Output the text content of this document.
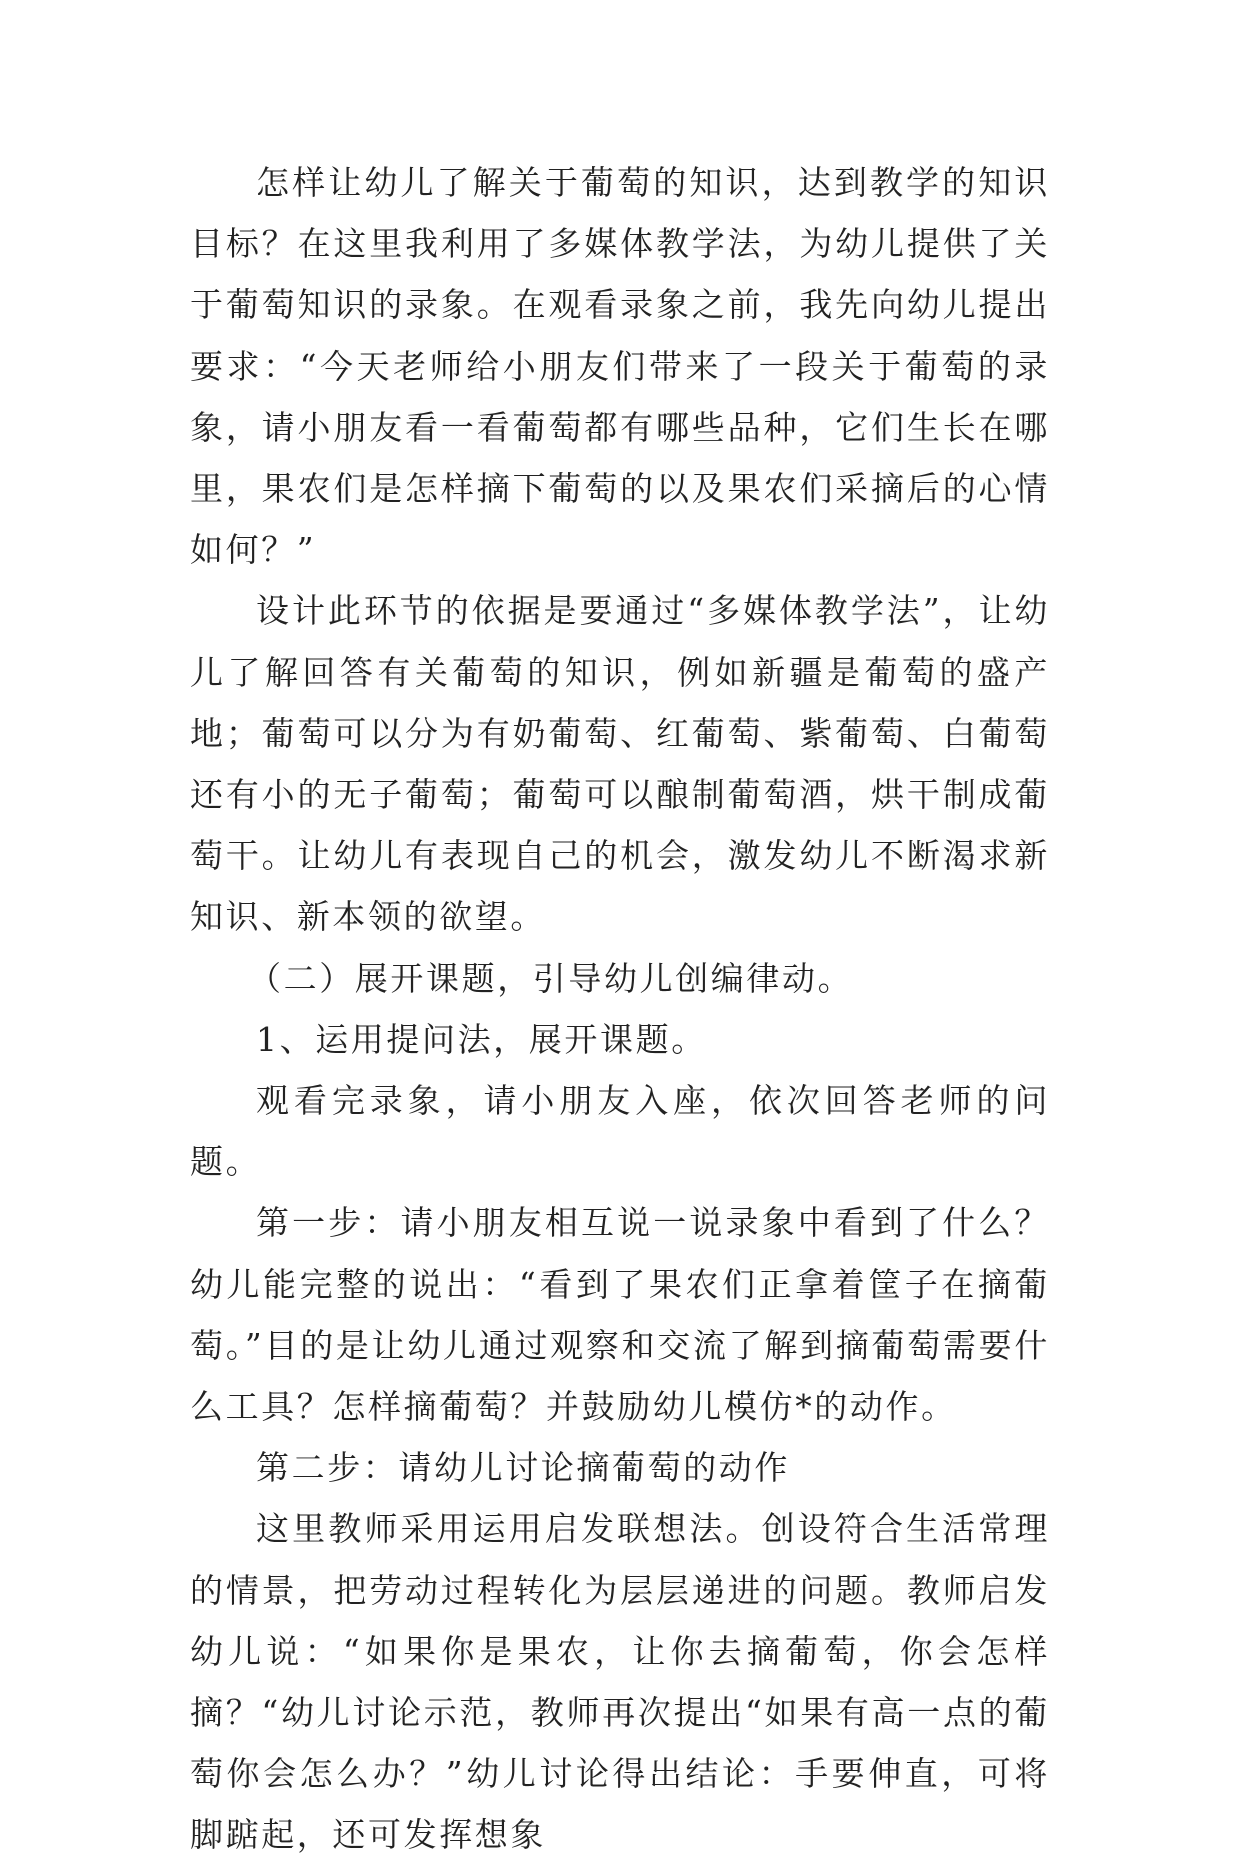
怎样让幼儿了解关于葡萄的知识，达到教学的知识目标？在这里我利用了多媒体教学法，为幼儿提供了关于葡萄知识的录象。在观看录象之前，我先向幼儿提出要求：“今天老师给小朋友们带来了一段关于葡萄的录象，请小朋友看一看葡萄都有哪些品种，它们生长在哪里，果农们是怎样摘下葡萄的以及果农们采摘后的心情如何？”

设计此环节的依据是要通过“多媒体教学法”，让幼儿了解回答有关葡萄的知识，例如新疆是葡萄的盛产地；葡萄可以分为有奶葡萄、红葡萄、紫葡萄、白葡萄还有小的无子葡萄；葡萄可以酿制葡萄酒，烘干制成葡萄干。让幼儿有表现自己的机会，激发幼儿不断渴求新知识、新本领的欲望。

（二）展开课题，引导幼儿创编律动。

1、运用提问法，展开课题。

观看完录象，请小朋友入座，依次回答老师的问题。

第一步：请小朋友相互说一说录象中看到了什么？幼儿能完整的说出：“看到了果农们正拿着筐子在摘葡萄。”目的是让幼儿通过观察和交流了解到摘葡萄需要什么工具？怎样摘葡萄？并鼓励幼儿模仿*的动作。

第二步：请幼儿讨论摘葡萄的动作

这里教师采用运用启发联想法。创设符合生活常理的情景，把劳动过程转化为层层递进的问题。教师启发幼儿说：“如果你是果农，让你去摘葡萄，你会怎样摘？“幼儿讨论示范，教师再次提出“如果有高一点的葡萄你会怎么办？”幼儿讨论得出结论：手要伸直，可将脚踮起，还可发挥想象
